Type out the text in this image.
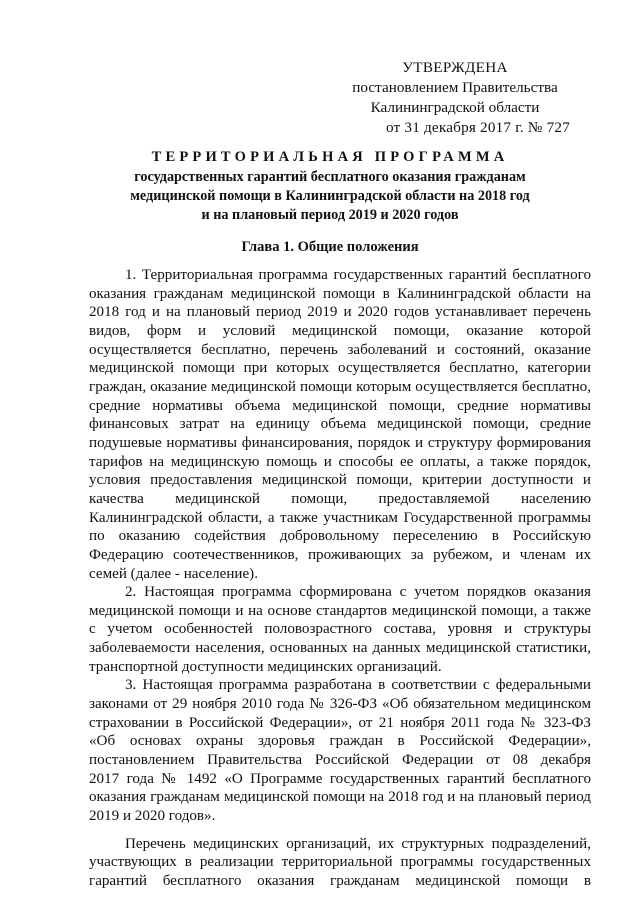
УТВЕРЖДЕНА
постановлением Правительства
Калининградской области
от 31 декабря 2017 г. № 727
ТЕРРИТОРИАЛЬНАЯ ПРОГРАММА
государственных гарантий бесплатного оказания гражданам
медицинской помощи в Калининградской области на 2018 год
и на плановый период 2019 и 2020 годов
Глава 1. Общие положения
1. Территориальная программа государственных гарантий бесплатного
оказания гражданам медицинской помощи в Калининградской области на
2018 год и на плановый период 2019 и 2020 годов устанавливает перечень
видов, форм и условий медицинской помощи, оказание которой
осуществляется бесплатно, перечень заболеваний и состояний, оказание
медицинской помощи при которых осуществляется бесплатно, категории
граждан, оказание медицинской помощи которым осуществляется бесплатно,
средние нормативы объема медицинской помощи, средние нормативы
финансовых затрат на единицу объема медицинской помощи, средние
подушевые нормативы финансирования, порядок и структуру формирования
тарифов на медицинскую помощь и способы ее оплаты, а также порядок,
условия предоставления медицинской помощи, критерии доступности и
качества медицинской помощи, предоставляемой населению
Калининградской области, а также участникам Государственной программы
по оказанию содействия добровольному переселению в Российскую
Федерацию соотечественников, проживающих за рубежом, и членам их
семей (далее - население).
2. Настоящая программа сформирована с учетом порядков оказания
медицинской помощи и на основе стандартов медицинской помощи, а также
с учетом особенностей половозрастного состава, уровня и структуры
заболеваемости населения, основанных на данных медицинской статистики,
транспортной доступности медицинских организаций.
3. Настоящая программа разработана в соответствии с федеральными
законами от 29 ноября 2010 года № 326-ФЗ «Об обязательном медицинском
страховании в Российской Федерации», от 21 ноября 2011 года № 323-ФЗ
«Об основах охраны здоровья граждан в Российской Федерации»,
постановлением Правительства Российской Федерации от 08 декабря
2017 года № 1492 «О Программе государственных гарантий бесплатного
оказания гражданам медицинской помощи на 2018 год и на плановый период
2019 и 2020 годов».
Перечень медицинских организаций, их структурных подразделений,
участвующих в реализации территориальной программы государственных
гарантий бесплатного оказания гражданам медицинской помощи в
